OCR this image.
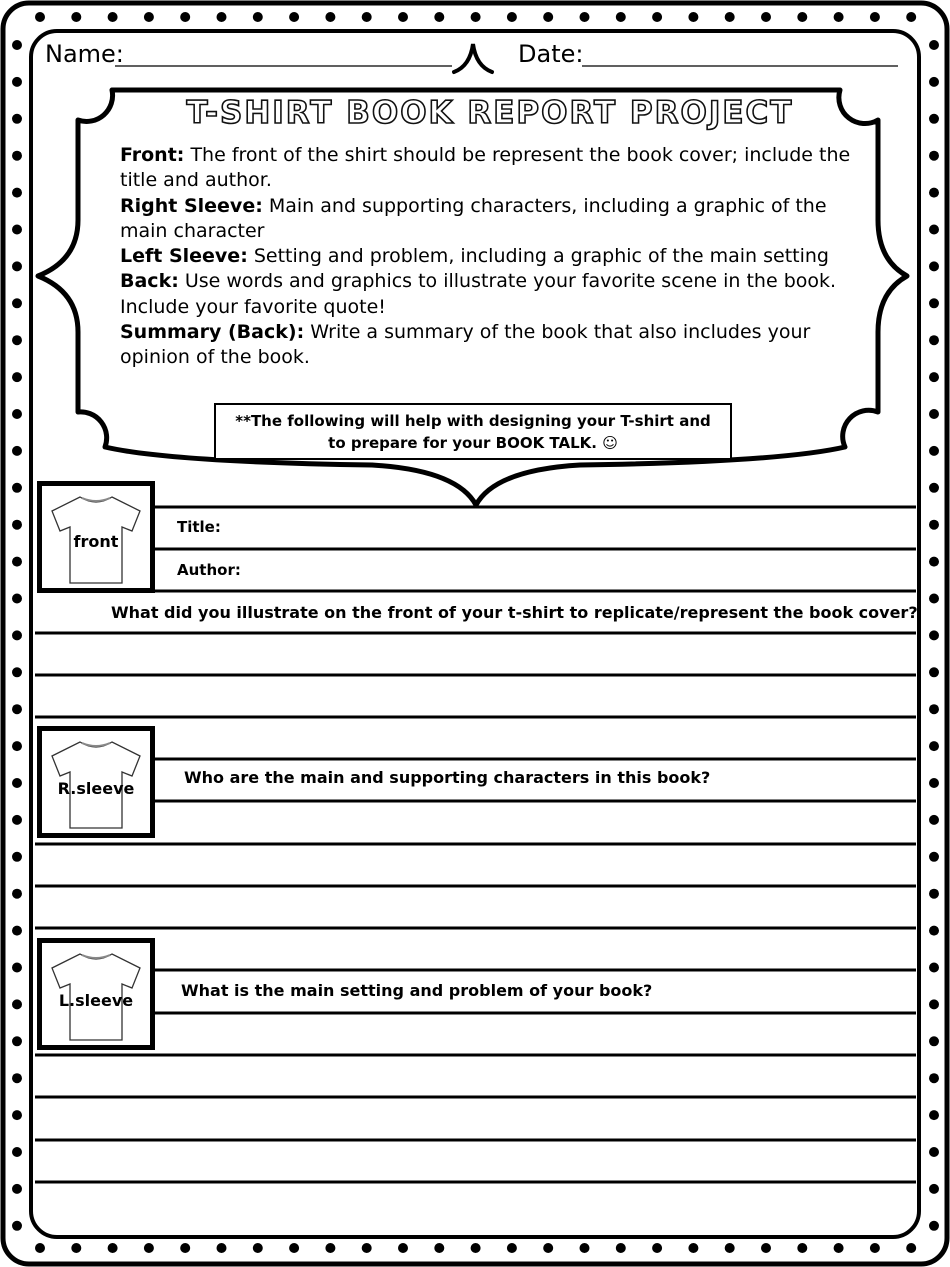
Name:	Date:
T-SHIRT BOOK REPORT PROJECT

Front: The front of the shirt should be represent the book cover; include the title and author.

Right Sleeve: Main and supporting characters, including a graphic of the main character

Left Sleeve: Setting and problem, including a graphic of the main setting

Back: Use words and graphics to illustrate your favorite scene in the book. Include your favorite quote!

Summary (Back): Write a summary of the book that also includes your opinion of the book.

**The following will help with designing your T-shirt and
to prepare for your BOOK TALK. ☺
front
Title:
Author:
What did you illustrate on the front of your t-shirt to replicate/represent the book cover?
R.sleeve
Who are the main and supporting characters in this book?
L.sleeve
What is the main setting and problem of your book?
